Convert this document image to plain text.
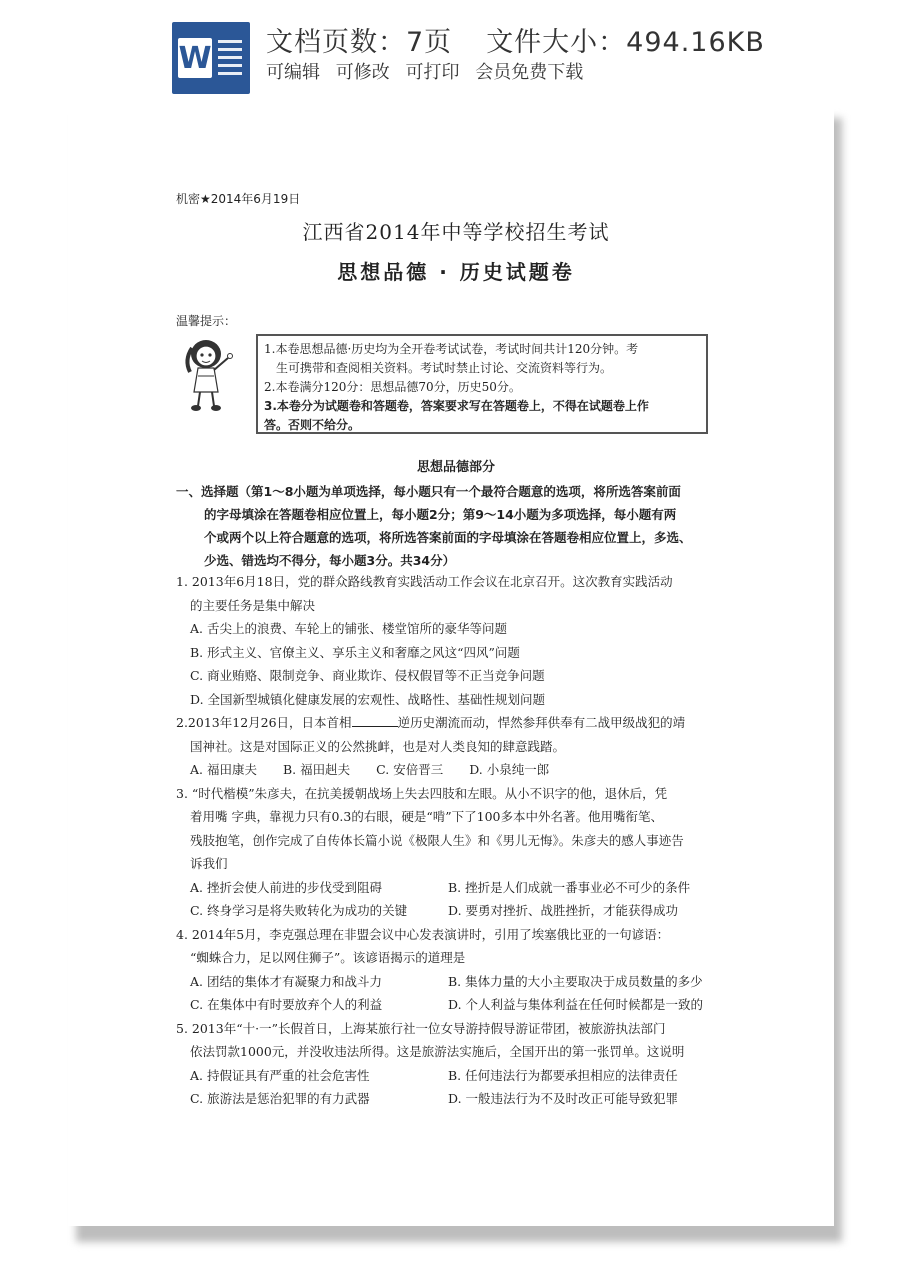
W 文档页数：7页 文件大小：494.16KB
可编辑 可修改 可打印 会员免费下载
机密★2014年6月19日
江西省2014年中等学校招生考试
思想品德 · 历史试题卷
温馨提示：

1.本卷思想品德·历史均为全开卷考试试卷，考试时间共计120分钟。考

生可携带和查阅相关资料。考试时禁止讨论、交流资料等行为。

2.本卷满分120分：思想品德70分，历史50分。

3.本卷分为试题卷和答题卷，答案要求写在答题卷上，不得在试题卷上作

答。否则不给分。

思想品德部分
一、选择题（第1～8小题为单项选择，每小题只有一个最符合题意的选项，将所选答案前面
的字母填涂在答题卷相应位置上，每小题2分；第9～14小题为多项选择，每小题有两
个或两个以上符合题意的选项，将所选答案前面的字母填涂在答题卷相应位置上，多选、
少选、错选均不得分，每小题3分。共34分）
1. 2013年6月18日，党的群众路线教育实践活动工作会议在北京召开。这次教育实践活动
的主要任务是集中解决
A. 舌尖上的浪费、车轮上的铺张、楼堂馆所的豪华等问题
B. 形式主义、官僚主义、享乐主义和奢靡之风这“四风”问题
C. 商业贿赂、限制竞争、商业欺诈、侵权假冒等不正当竞争问题
D. 全国新型城镇化健康发展的宏观性、战略性、基础性规划问题
2.2013年12月26日，日本首相	逆历史潮流而动，悍然参拜供奉有二战甲级战犯的靖
国神社。这是对国际正义的公然挑衅，也是对人类良知的肆意践踏。
A. 福田康夫 B. 福田赳夫 C. 安倍晋三 D. 小泉纯一郎
3. “时代楷模”朱彦夫，在抗美援朝战场上失去四肢和左眼。从小不识字的他，退休后，凭
着用嘴 字典，靠视力只有0.3的右眼，硬是“啃”下了100多本中外名著。他用嘴衔笔、
残肢抱笔，创作完成了自传体长篇小说《极限人生》和《男儿无悔》。朱彦夫的感人事迹告
诉我们
A. 挫折会使人前进的步伐受到阻碍	B. 挫折是人们成就一番事业必不可少的条件
C. 终身学习是将失败转化为成功的关键	D. 要勇对挫折、战胜挫折，才能获得成功
4. 2014年5月，李克强总理在非盟会议中心发表演讲时，引用了埃塞俄比亚的一句谚语：
“蜘蛛合力，足以网住狮子”。该谚语揭示的道理是
A. 团结的集体才有凝聚力和战斗力	B. 集体力量的大小主要取决于成员数量的多少
C. 在集体中有时要放弃个人的利益	D. 个人利益与集体利益在任何时候都是一致的
5. 2013年“十·一”长假首日，上海某旅行社一位女导游持假导游证带团，被旅游执法部门
依法罚款1000元，并没收违法所得。这是旅游法实施后，全国开出的第一张罚单。这说明
A. 持假证具有严重的社会危害性	B. 任何违法行为都要承担相应的法律责任
C. 旅游法是惩治犯罪的有力武器	D. 一般违法行为不及时改正可能导致犯罪
